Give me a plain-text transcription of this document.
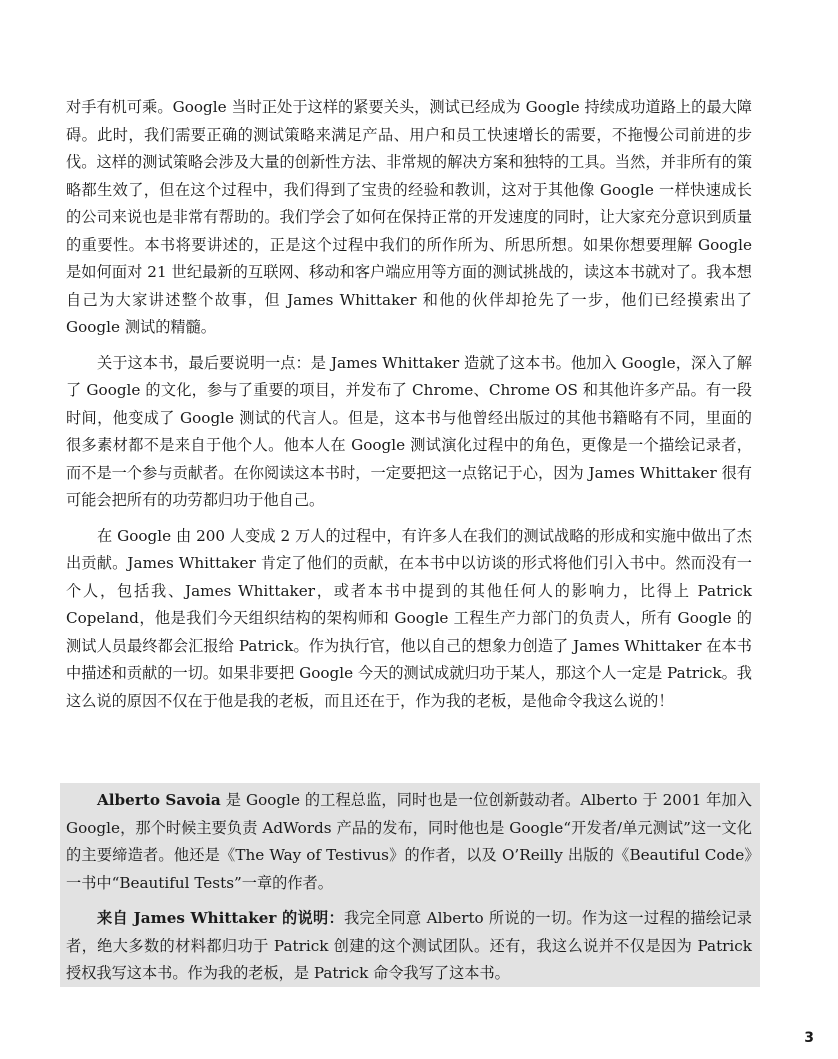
对手有机可乘。Google 当时正处于这样的紧要关头，测试已经成为 Google 持续成功道路上的最大障碍。此时，我们需要正确的测试策略来满足产品、用户和员工快速增长的需要，不拖慢公司前进的步伐。这样的测试策略会涉及大量的创新性方法、非常规的解决方案和独特的工具。当然，并非所有的策略都生效了，但在这个过程中，我们得到了宝贵的经验和教训，这对于其他像 Google 一样快速成长的公司来说也是非常有帮助的。我们学会了如何在保持正常的开发速度的同时，让大家充分意识到质量的重要性。本书将要讲述的，正是这个过程中我们的所作所为、所思所想。如果你想要理解 Google 是如何面对 21 世纪最新的互联网、移动和客户端应用等方面的测试挑战的，读这本书就对了。我本想自己为大家讲述整个故事，但 James Whittaker 和他的伙伴却抢先了一步，他们已经摸索出了 Google 测试的精髓。

关于这本书，最后要说明一点：是 James Whittaker 造就了这本书。他加入 Google，深入了解了 Google 的文化，参与了重要的项目，并发布了 Chrome、Chrome OS 和其他许多产品。有一段时间，他变成了 Google 测试的代言人。但是，这本书与他曾经出版过的其他书籍略有不同，里面的很多素材都不是来自于他个人。他本人在 Google 测试演化过程中的角色，更像是一个描绘记录者，而不是一个参与贡献者。在你阅读这本书时，一定要把这一点铭记于心，因为 James Whittaker 很有可能会把所有的功劳都归功于他自己。

在 Google 由 200 人变成 2 万人的过程中，有许多人在我们的测试战略的形成和实施中做出了杰出贡献。James Whittaker 肯定了他们的贡献，在本书中以访谈的形式将他们引入书中。然而没有一个人，包括我、James Whittaker，或者本书中提到的其他任何人的影响力，比得上 Patrick Copeland，他是我们今天组织结构的架构师和 Google 工程生产力部门的负责人，所有 Google 的测试人员最终都会汇报给 Patrick。作为执行官，他以自己的想象力创造了 James Whittaker 在本书中描述和贡献的一切。如果非要把 Google 今天的测试成就归功于某人，那这个人一定是 Patrick。我这么说的原因不仅在于他是我的老板，而且还在于，作为我的老板，是他命令我这么说的！

Alberto Savoia 是 Google 的工程总监，同时也是一位创新鼓动者。Alberto 于 2001 年加入 Google，那个时候主要负责 AdWords 产品的发布，同时他也是 Google“开发者/单元测试”这一文化的主要缔造者。他还是《The Way of Testivus》的作者，以及 O’Reilly 出版的《Beautiful Code》一书中“Beautiful Tests”一章的作者。

来自 James Whittaker 的说明：我完全同意 Alberto 所说的一切。作为这一过程的描绘记录者，绝大多数的材料都归功于 Patrick 创建的这个测试团队。还有，我这么说并不仅是因为 Patrick 授权我写这本书。作为我的老板，是 Patrick 命令我写了这本书。

3
